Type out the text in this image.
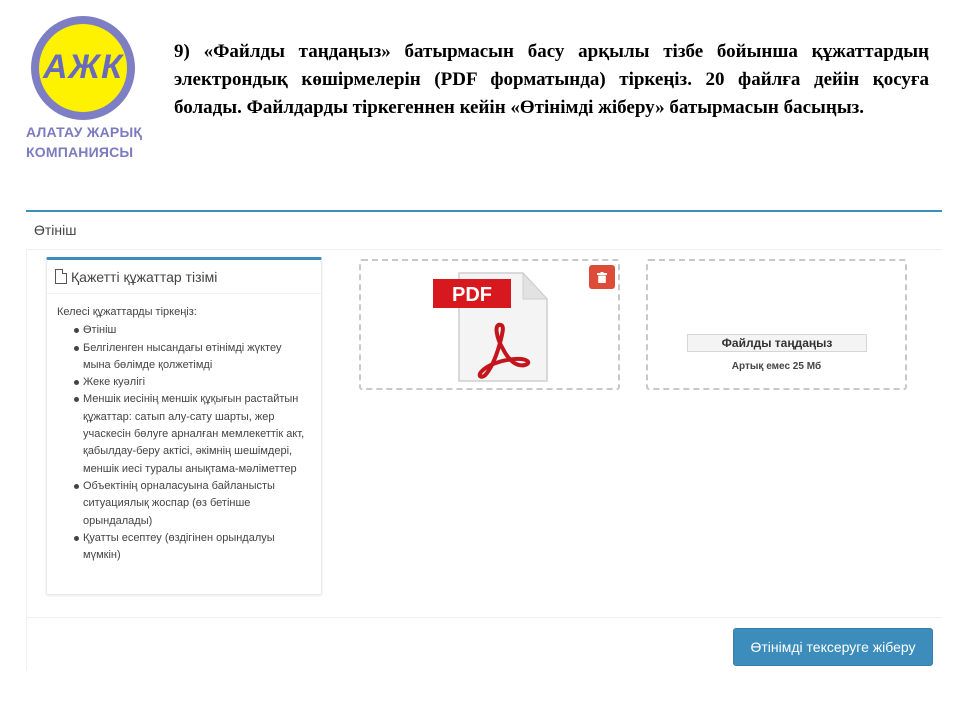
АЖК
АЛАТАУ ЖАРЫҚ
КОМПАНИЯСЫ
9) «Файлды таңдаңыз» батырмасын басу арқылы тізбе бойынша құжаттардың электрондық көшірмелерін (PDF форматында) тіркеңіз. 20 файлға дейін қосуға болады. Файлдарды тіркегеннен кейін «Өтінімді жіберу» батырмасын басыңыз.
Өтініш
Қажетті құжаттар тізімі
Келесі құжаттарды тіркеңіз:
Өтініш
Белгіленген нысандағы өтінімді жүктеу мына бөлімде қолжетімді
Жеке куәлігі
Меншік иесінің меншік құқығын растайтын құжаттар: сатып алу-сату шарты, жер учаскесін бөлуге арналған мемлекеттік акт, қабылдау-беру актісі, әкімнің шешімдері, меншік иесі туралы анықтама-мәліметтер
Объектінің орналасуына байланысты ситуациялық жоспар (өз бетінше орындалады)
Қуатты есептеу (өздігінен орындалуы мүмкін)
PDF
Файлды таңдаңыз
Артық емес 25 Мб
Өтінімді тексеруге жіберу
